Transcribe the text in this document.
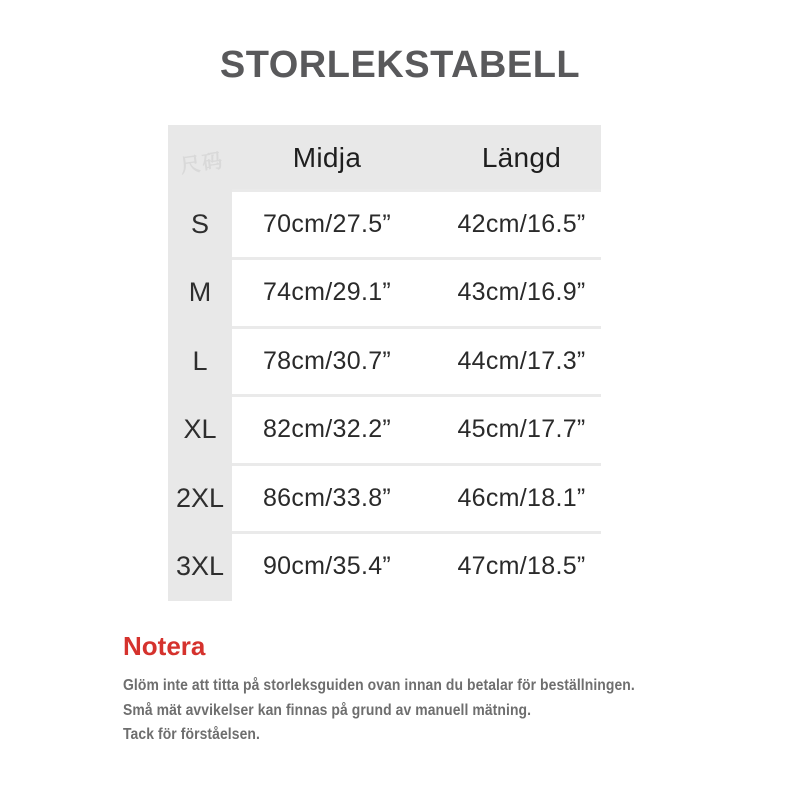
STORLEKSTABELL
尺码	Midja	Längd
S	70cm/27.5”	42cm/16.5”
M	74cm/29.1”	43cm/16.9”
L	78cm/30.7”	44cm/17.3”
XL	82cm/32.2”	45cm/17.7”
2XL	86cm/33.8”	46cm/18.1”
3XL	90cm/35.4”	47cm/18.5”
Notera

Glöm inte att titta på storleksguiden ovan innan du betalar för beställningen.

Små mät avvikelser kan finnas på grund av manuell mätning.

Tack för förståelsen.
